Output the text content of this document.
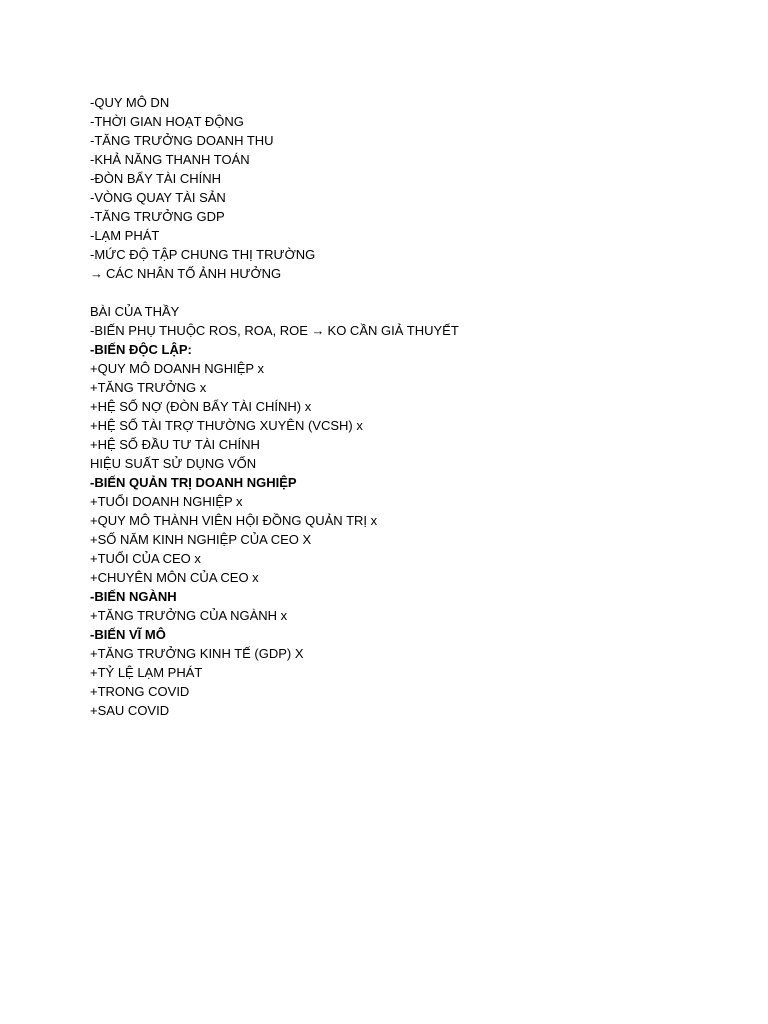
-QUY MÔ DN
-THỜI GIAN HOẠT ĐỘNG
-TĂNG TRƯỞNG DOANH THU
-KHẢ NĂNG THANH TOÁN
-ĐÒN BẨY TÀI CHÍNH
-VÒNG QUAY TÀI SẢN
-TĂNG TRƯỞNG GDP
-LẠM PHÁT
-MỨC ĐỘ TẬP CHUNG THỊ TRƯỜNG
→ CÁC NHÂN TỐ ẢNH HƯỞNG
BÀI CỦA THẦY
-BIẾN PHỤ THUỘC ROS, ROA, ROE → KO CẦN GIẢ THUYẾT
-BIẾN ĐỘC LẬP:
+QUY MÔ DOANH NGHIỆP x
+TĂNG TRƯỞNG x
+HỆ SỐ NỢ (ĐÒN BẨY TÀI CHÍNH) x
+HỆ SỐ TÀI TRỢ THƯỜNG XUYÊN (VCSH) x
+HỆ SỐ ĐẦU TƯ TÀI CHÍNH
HIỆU SUẤT SỬ DỤNG VỐN
-BIẾN QUẢN TRỊ DOANH NGHIỆP
+TUỔI DOANH NGHIỆP x
+QUY MÔ THÀNH VIÊN HỘI ĐỒNG QUẢN TRỊ x
+SỐ NĂM KINH NGHIỆP CỦA CEO X
+TUỔI CỦA CEO x
+CHUYÊN MÔN CỦA CEO x
-BIẾN NGÀNH
+TĂNG TRƯỞNG CỦA NGÀNH x
-BIẾN VĨ MÔ
+TĂNG TRƯỞNG KINH TẾ (GDP) X
+TỶ LỆ LẠM PHÁT
+TRONG COVID
+SAU COVID
